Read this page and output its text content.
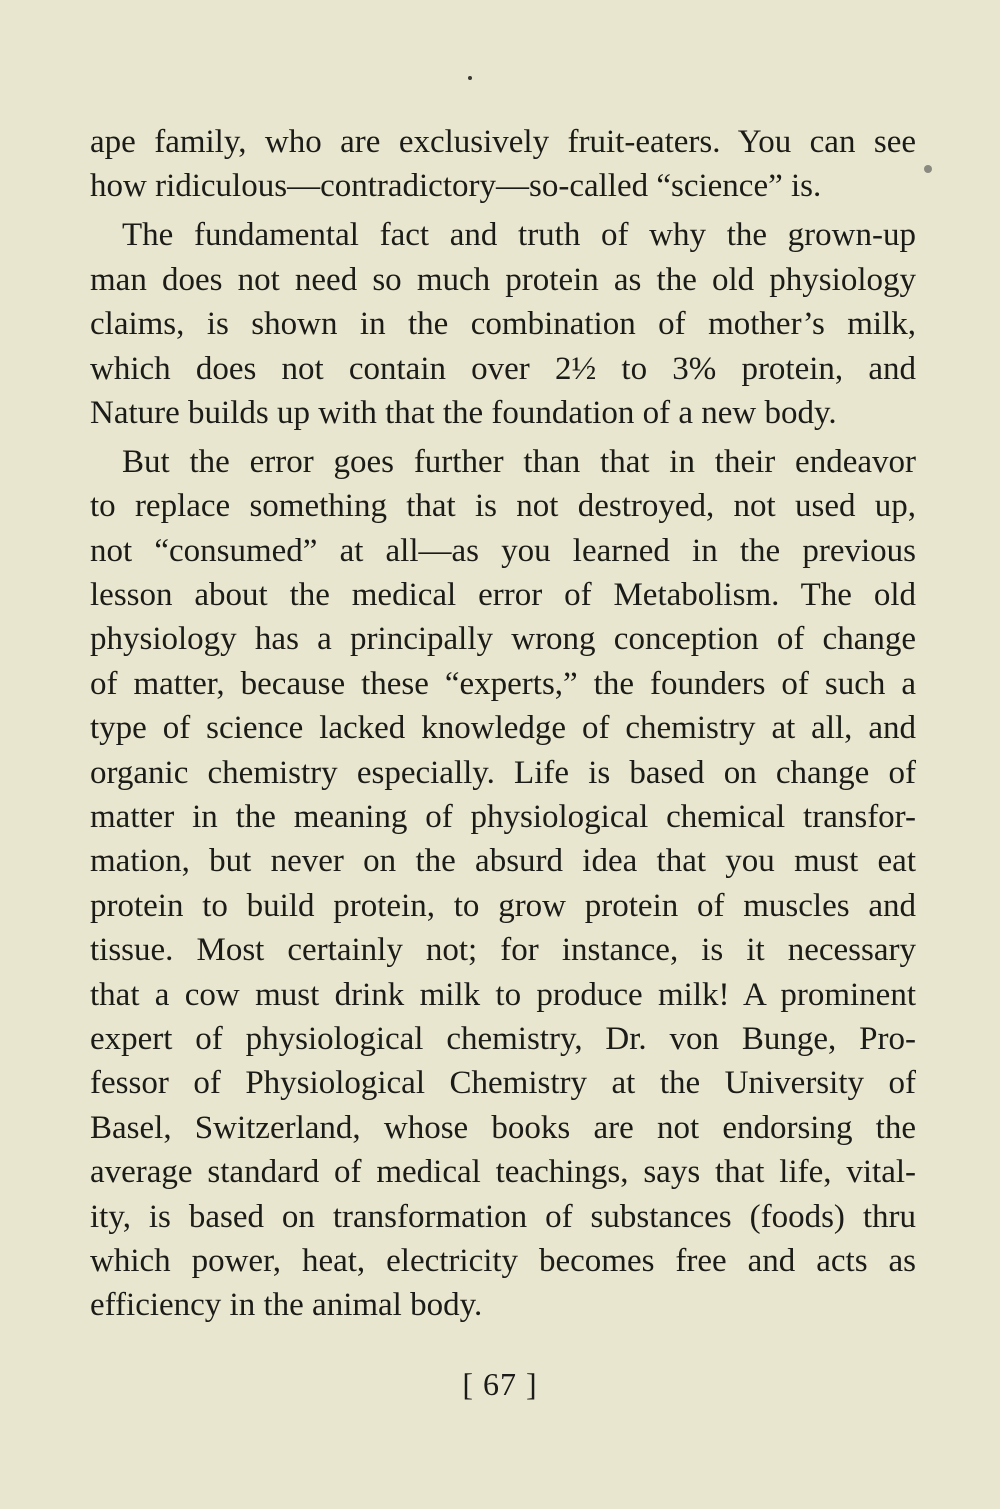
ape family, who are exclusively fruit-eaters. You can see
how ridiculous—contradictory—so-called “science” is.

The fundamental fact and truth of why the grown-up
man does not need so much protein as the old physiology
claims, is shown in the combination of mother’s milk,
which does not contain over 2½ to 3% protein, and
Nature builds up with that the foundation of a new body.

But the error goes further than that in their endeavor
to replace something that is not destroyed, not used up,
not “consumed” at all—as you learned in the previous
lesson about the medical error of Metabolism. The old
physiology has a principally wrong conception of change
of matter, because these “experts,” the founders of such a
type of science lacked knowledge of chemistry at all, and
organic chemistry especially. Life is based on change of
matter in the meaning of physiological chemical transfor-
mation, but never on the absurd idea that you must eat
protein to build protein, to grow protein of muscles and
tissue. Most certainly not; for instance, is it necessary
that a cow must drink milk to produce milk! A prominent
expert of physiological chemistry, Dr. von Bunge, Pro-
fessor of Physiological Chemistry at the University of
Basel, Switzerland, whose books are not endorsing the
average standard of medical teachings, says that life, vital-
ity, is based on transformation of substances (foods) thru
which power, heat, electricity becomes free and acts as
efficiency in the animal body.

[ 67 ]
